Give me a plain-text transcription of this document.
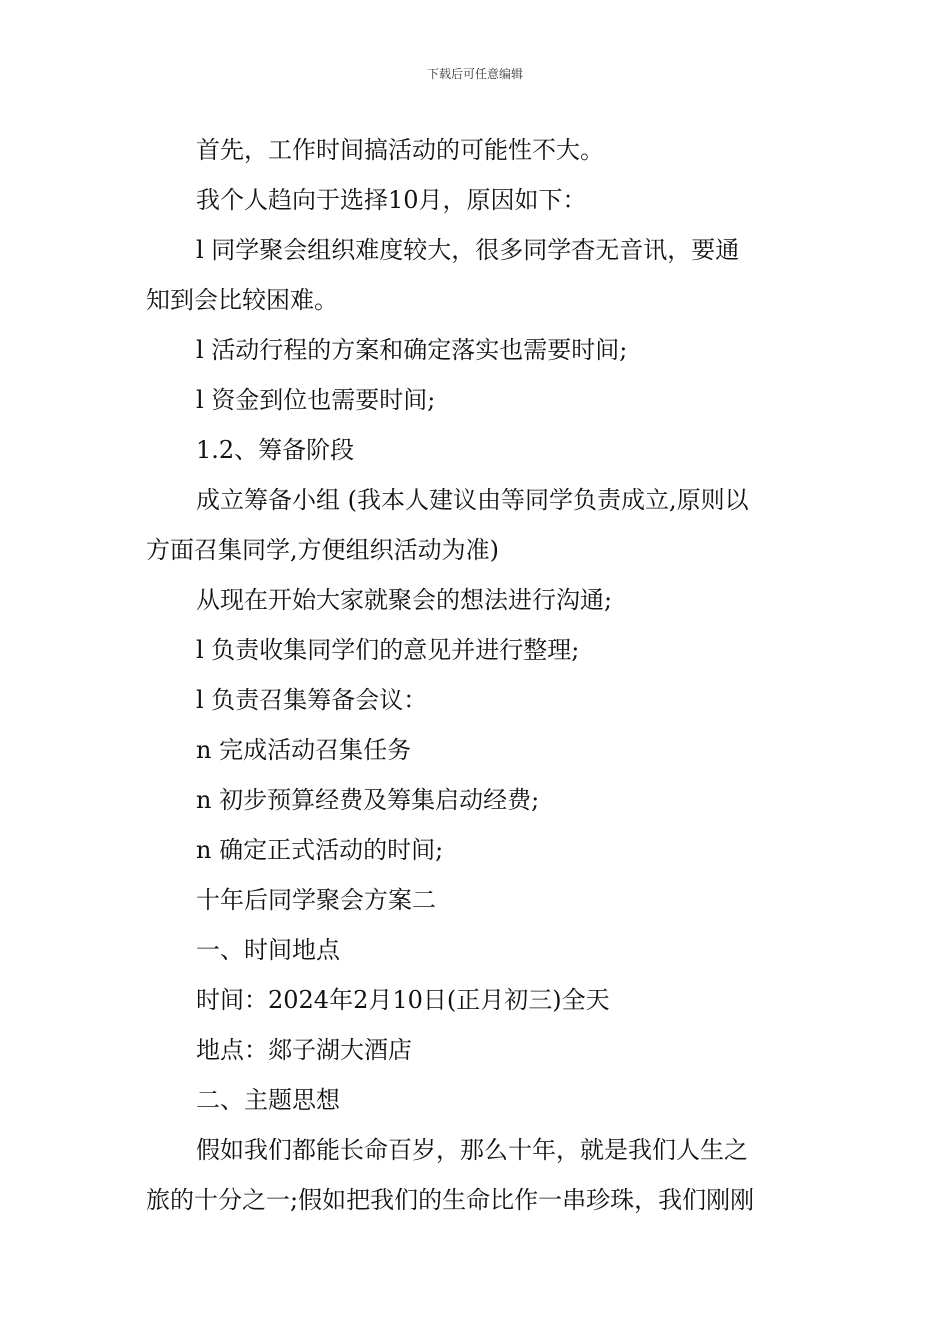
下载后可任意编辑
首先，工作时间搞活动的可能性不大。
我个人趋向于选择10月，原因如下：
l 同学聚会组织难度较大，很多同学杳无音讯，要通
知到会比较困难。
l 活动行程的方案和确定落实也需要时间;
l 资金到位也需要时间;
1.2、筹备阶段
成立筹备小组 (我本人建议由等同学负责成立,原则以
方面召集同学,方便组织活动为准)
从现在开始大家就聚会的想法进行沟通;
l 负责收集同学们的意见并进行整理;
l 负责召集筹备会议：
n 完成活动召集任务
n 初步预算经费及筹集启动经费;
n 确定正式活动的时间;
十年后同学聚会方案二
一、时间地点
时间：2024年2月10日(正月初三)全天
地点：郯子湖大酒店
二、主题思想
假如我们都能长命百岁，那么十年，就是我们人生之
旅的十分之一;假如把我们的生命比作一串珍珠，我们刚刚
